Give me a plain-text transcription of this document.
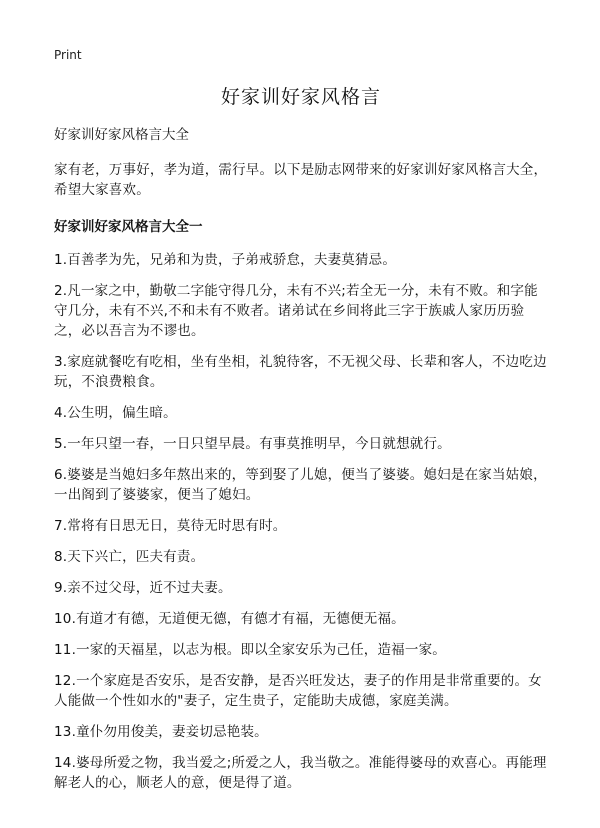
Print
好家训好家风格言
好家训好家风格言大全

家有老，万事好，孝为道，需行早。以下是励志网带来的好家训好家风格言大全，希望大家喜欢。

好家训好家风格言大全一

1.百善孝为先，兄弟和为贵，子弟戒骄怠，夫妻莫猜忌。

2.凡一家之中，勤敬二字能守得几分，未有不兴;若全无一分，未有不败。和字能守几分，未有不兴,不和未有不败者。诸弟试在乡间将此三字于族戚人家历历验之，必以吾言为不谬也。

3.家庭就餐吃有吃相，坐有坐相，礼貌待客，不无视父母、长辈和客人，不边吃边玩，不浪费粮食。

4.公生明，偏生暗。

5.一年只望一春，一日只望早晨。有事莫推明早，今日就想就行。

6.婆婆是当媳妇多年熬出来的，等到娶了儿媳，便当了婆婆。媳妇是在家当姑娘，一出阁到了婆婆家，便当了媳妇。

7.常将有日思无日，莫待无时思有时。

8.天下兴亡，匹夫有责。

9.亲不过父母，近不过夫妻。

10.有道才有德，无道便无德，有德才有福，无德便无福。

11.一家的天福星，以志为根。即以全家安乐为己任，造福一家。

12.一个家庭是否安乐，是否安静，是否兴旺发达，妻子的作用是非常重要的。女人能做一个性如水的"妻子，定生贵子，定能助夫成德，家庭美满。

13.童仆勿用俊美，妻妾切忌艳装。

14.婆母所爱之物，我当爱之;所爱之人，我当敬之。准能得婆母的欢喜心。再能理解老人的心，顺老人的意，便是得了道。
